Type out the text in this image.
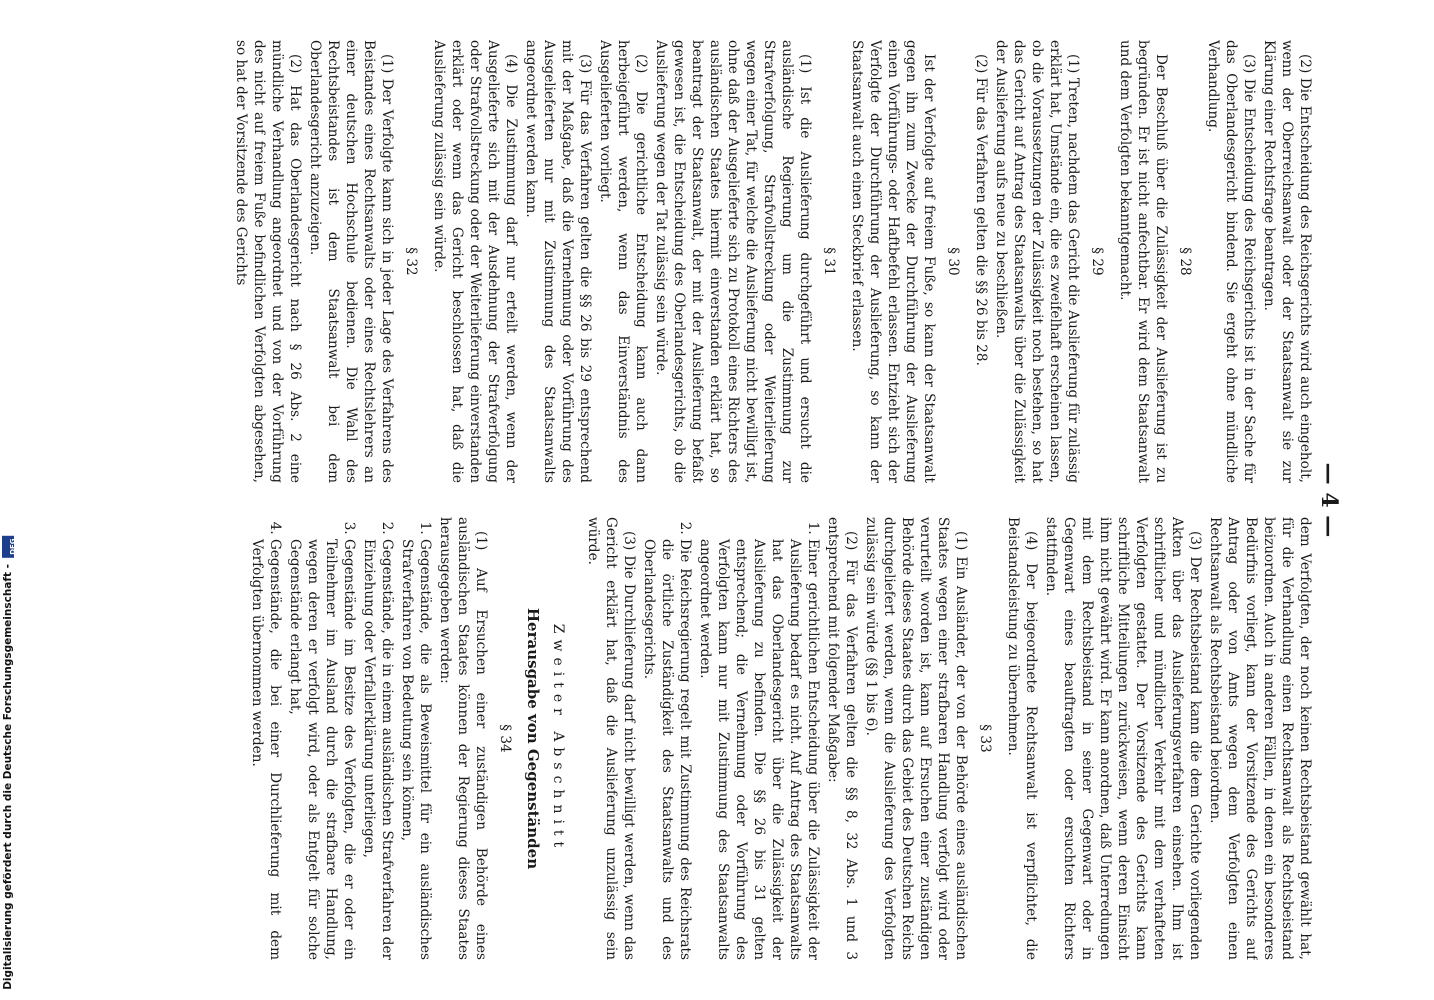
— 4 —

(2) Die Entscheidung des Reichsgerichts wird auch eingeholt, wenn der Oberreichsanwalt oder der Staatsanwalt sie zur Klärung einer Rechtsfrage beantragen.

(3) Die Entscheidung des Reichsgerichts ist in der Sache für das Oberlandesgericht bindend. Sie ergeht ohne mündliche Verhandlung.

§ 28

Der Beschluß über die Zulässigkeit der Auslieferung ist zu begründen. Er ist nicht anfechtbar. Er wird dem Staatsanwalt und dem Verfolgten bekanntgemacht.

§ 29

(1) Treten, nachdem das Gericht die Auslieferung für zulässig erklärt hat, Umstände ein, die es zweifelhaft erscheinen lassen, ob die Voraussetzungen der Zulässigkeit noch bestehen, so hat das Gericht auf Antrag des Staatsanwalts über die Zulässigkeit der Auslieferung aufs neue zu beschließen.

(2) Für das Verfahren gelten die §§ 26 bis 28.

§ 30

Ist der Verfolgte auf freiem Fuße, so kann der Staatsanwalt gegen ihn zum Zwecke der Durchführung der Auslieferung einen Vorführungs- oder Haftbefehl erlassen. Entzieht sich der Verfolgte der Durchführung der Auslieferung, so kann der Staatsanwalt auch einen Steckbrief erlassen.

§ 31

(1) Ist die Auslieferung durchgeführt und ersucht die ausländische Regierung um die Zustimmung zur Strafverfolgung, Strafvollstreckung oder Weiterlieferung wegen einer Tat, für welche die Auslieferung nicht bewilligt ist, ohne daß der Ausgelieferte sich zu Protokoll eines Richters des ausländischen Staates hiermit einverstanden erklärt hat, so beantragt der Staatsanwalt, der mit der Auslieferung befaßt gewesen ist, die Entscheidung des Oberlandesgerichts, ob die Auslieferung wegen der Tat zulässig sein würde.

(2) Die gerichtliche Entscheidung kann auch dann herbeigeführt werden, wenn das Einverständnis des Ausgelieferten vorliegt.

(3) Für das Verfahren gelten die §§ 26 bis 29 entsprechend mit der Maßgabe, daß die Vernehmung oder Vorführung des Ausgelieferten nur mit Zustimmung des Staatsanwalts angeordnet werden kann.

(4) Die Zustimmung darf nur erteilt werden, wenn der Ausgelieferte sich mit der Ausdehnung der Strafverfolgung oder Strafvollstreckung oder der Weiterlieferung einverstanden erklärt oder wenn das Gericht beschlossen hat, daß die Auslieferung zulässig sein würde.

§ 32

(1) Der Verfolgte kann sich in jeder Lage des Verfahrens des Beistandes eines Rechtsanwalts oder eines Rechtslehrers an einer deutschen Hochschule bedienen. Die Wahl des Rechtsbeistandes ist dem Staatsanwalt bei dem Oberlandesgericht anzuzeigen.

(2) Hat das Oberlandesgericht nach § 26 Abs. 2 eine mündliche Verhandlung angeordnet und von der Vorführung des nicht auf freiem Fuße befindlichen Verfolgten abgesehen, so hat der Vorsitzende des Gerichts

dem Verfolgten, der noch keinen Rechtsbeistand gewählt hat, für die Verhandlung einen Rechtsanwalt als Rechtsbeistand beizuordnen. Auch in anderen Fällen, in denen ein besonderes Bedürfnis vorliegt, kann der Vorsitzende des Gerichts auf Antrag oder von Amts wegen dem Verfolgten einen Rechtsanwalt als Rechtsbeistand beiordnen.

(3) Der Rechtsbeistand kann die dem Gerichte vorliegenden Akten über das Auslieferungsverfahren einsehen. Ihm ist schriftlicher und mündlicher Verkehr mit dem verhafteten Verfolgten gestattet. Der Vorsitzende des Gerichts kann schriftliche Mitteilungen zurückweisen, wenn deren Einsicht ihm nicht gewährt wird. Er kann anordnen, daß Unterredungen mit dem Rechtsbeistand in seiner Gegenwart oder in Gegenwart eines beauftragten oder ersuchten Richters stattfinden.

(4) Der beigeordnete Rechtsanwalt ist verpflichtet, die Beistandsleistung zu übernehmen.

§ 33

(1) Ein Ausländer, der von der Behörde eines ausländischen Staates wegen einer strafbaren Handlung verfolgt wird oder verurteilt worden ist, kann auf Ersuchen einer zuständigen Behörde dieses Staates durch das Gebiet des Deutschen Reichs durchgeliefert werden, wenn die Auslieferung des Verfolgten zulässig sein würde (§§ 1 bis 6).

(2) Für das Verfahren gelten die §§ 8, 32 Abs. 1 und 3 entsprechend mit folgender Maßgabe:

1. Einer gerichtlichen Entscheidung über die Zulässigkeit der Auslieferung bedarf es nicht. Auf Antrag des Staatsanwalts hat das Oberlandesgericht über die Zulässigkeit der Auslieferung zu befinden. Die §§ 26 bis 31 gelten entsprechend; die Vernehmung oder Vorführung des Verfolgten kann nur mit Zustimmung des Staatsanwalts angeordnet werden.
2. Die Reichsregierung regelt mit Zustimmung des Reichsrats die örtliche Zuständigkeit des Staatsanwalts und des Oberlandesgerichts.

(3) Die Durchlieferung darf nicht bewilligt werden, wenn das Gericht erklärt hat, daß die Auslieferung unzulässig sein würde.

Zweiter Abschnitt
Herausgabe von Gegenständen
§ 34

(1) Auf Ersuchen einer zuständigen Behörde eines ausländischen Staates können der Regierung dieses Staates herausgegeben werden:

1. Gegenstände, die als Beweismittel für ein ausländisches Strafverfahren von Bedeutung sein können,
2. Gegenstände, die in einem ausländischen Strafverfahren der Einziehung oder Verfallerklärung unterliegen,
3. Gegenstände im Besitze des Verfolgten, die er oder ein Teilnehmer im Ausland durch die strafbare Handlung, wegen deren er verfolgt wird, oder als Entgelt für solche Gegenstände erlangt hat,
4. Gegenstände, die bei einer Durchlieferung mit dem Verfolgten übernommen werden.
Digitalisierung gefördert durch die Deutsche Forschungsgemeinschaft -
DFG
